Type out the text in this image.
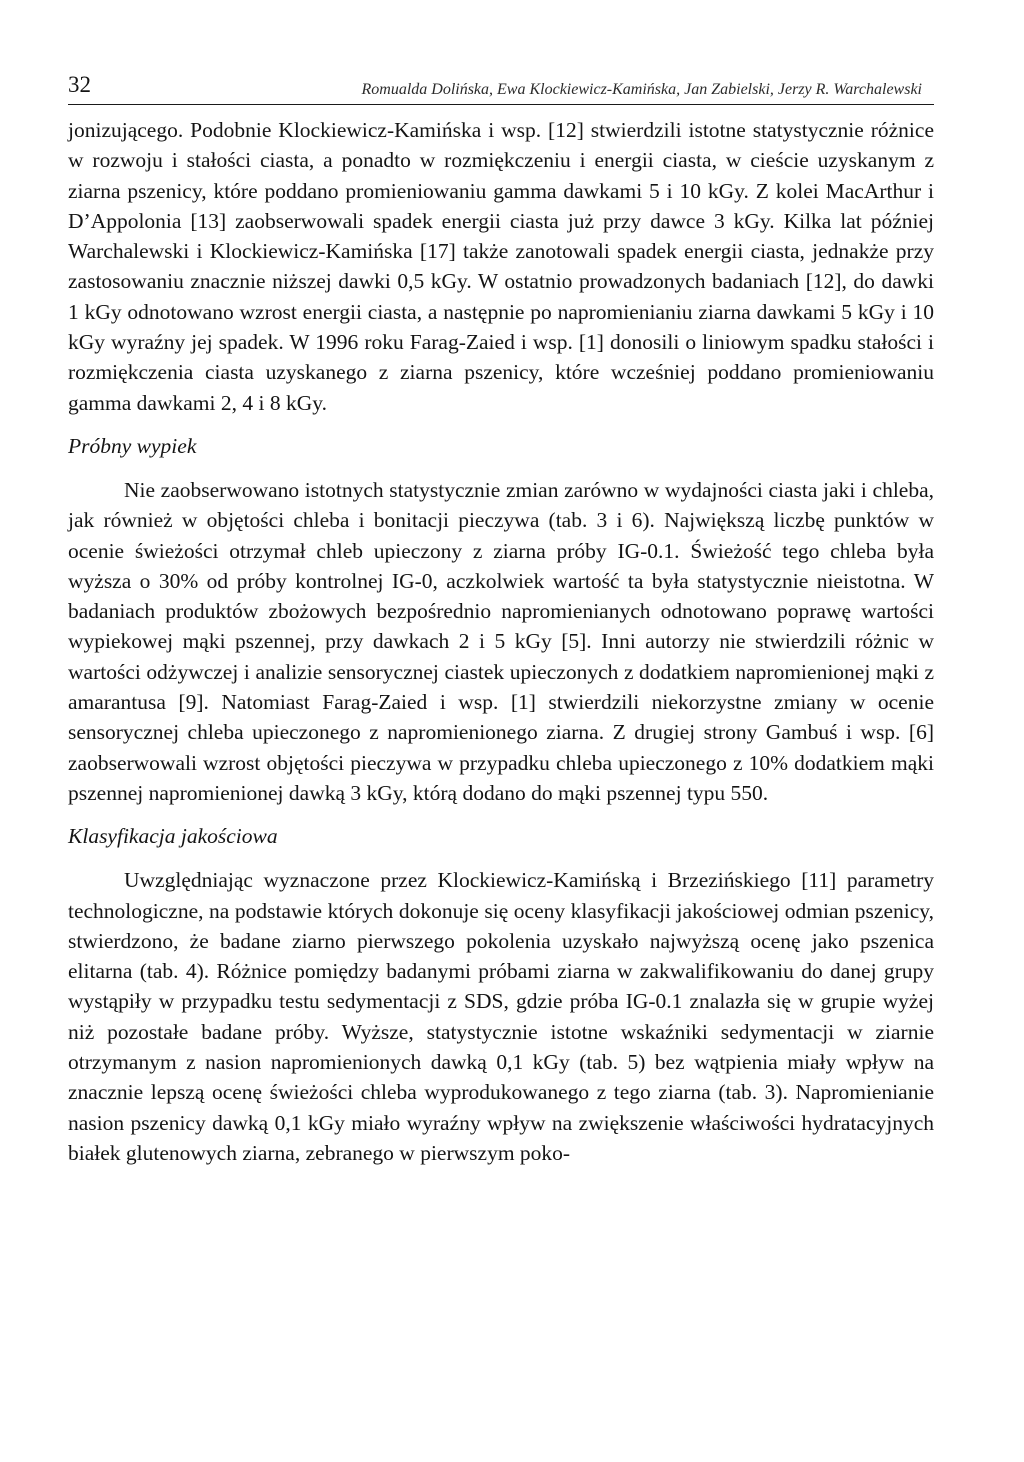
32	Romualda Dolińska, Ewa Klockiewicz-Kamińska, Jan Zabielski, Jerzy R. Warchalewski

jonizującego. Podobnie Klockiewicz-Kamińska i wsp. [12] stwierdzili istotne statystycznie różnice w rozwoju i stałości ciasta, a ponadto w rozmiękczeniu i energii ciasta, w cieście uzyskanym z ziarna pszenicy, które poddano promieniowaniu gamma dawkami 5 i 10 kGy. Z kolei MacArthur i D’Appolonia [13] zaobserwowali spadek energii ciasta już przy dawce 3 kGy. Kilka lat później Warchalewski i Klockiewicz-Kamińska [17] także zanotowali spadek energii ciasta, jednakże przy zastosowaniu znacznie niższej dawki 0,5 kGy. W ostatnio prowadzonych badaniach [12], do dawki 1 kGy odnotowano wzrost energii ciasta, a następnie po napromienianiu ziarna dawkami 5 kGy i 10 kGy wyraźny jej spadek. W 1996 roku Farag-Zaied i wsp. [1] donosili o liniowym spadku stałości i rozmiękczenia ciasta uzyskanego z ziarna pszenicy, które wcześniej poddano promieniowaniu gamma dawkami 2, 4 i 8 kGy.

Próbny wypiek

Nie zaobserwowano istotnych statystycznie zmian zarówno w wydajności ciasta jaki i chleba, jak również w objętości chleba i bonitacji pieczywa (tab. 3 i 6). Największą liczbę punktów w ocenie świeżości otrzymał chleb upieczony z ziarna próby IG-0.1. Świeżość tego chleba była wyższa o 30% od próby kontrolnej IG-0, aczkolwiek wartość ta była statystycznie nieistotna. W badaniach produktów zbożowych bezpośrednio napromienianych odnotowano poprawę wartości wypiekowej mąki pszennej, przy dawkach 2 i 5 kGy [5]. Inni autorzy nie stwierdzili różnic w wartości odżywczej i analizie sensorycznej ciastek upieczonych z dodatkiem napromienionej mąki z amarantusa [9]. Natomiast Farag-Zaied i wsp. [1] stwierdzili niekorzystne zmiany w ocenie sensorycznej chleba upieczonego z napromienionego ziarna. Z drugiej strony Gambuś i wsp. [6] zaobserwowali wzrost objętości pieczywa w przypadku chleba upieczonego z 10% dodatkiem mąki pszennej napromienionej dawką 3 kGy, którą dodano do mąki pszennej typu 550.

Klasyfikacja jakościowa

Uwzględniając wyznaczone przez Klockiewicz-Kamińską i Brzezińskiego [11] parametry technologiczne, na podstawie których dokonuje się oceny klasyfikacji jakościowej odmian pszenicy, stwierdzono, że badane ziarno pierwszego pokolenia uzyskało najwyższą ocenę jako pszenica elitarna (tab. 4). Różnice pomiędzy badanymi próbami ziarna w zakwalifikowaniu do danej grupy wystąpiły w przypadku testu sedymentacji z SDS, gdzie próba IG-0.1 znalazła się w grupie wyżej niż pozostałe badane próby. Wyższe, statystycznie istotne wskaźniki sedymentacji w ziarnie otrzymanym z nasion napromienionych dawką 0,1 kGy (tab. 5) bez wątpienia miały wpływ na znacznie lepszą ocenę świeżości chleba wyprodukowanego z tego ziarna (tab. 3). Napromienianie nasion pszenicy dawką 0,1 kGy miało wyraźny wpływ na zwiększenie właściwości hydratacyjnych białek glutenowych ziarna, zebranego w pierwszym poko-
